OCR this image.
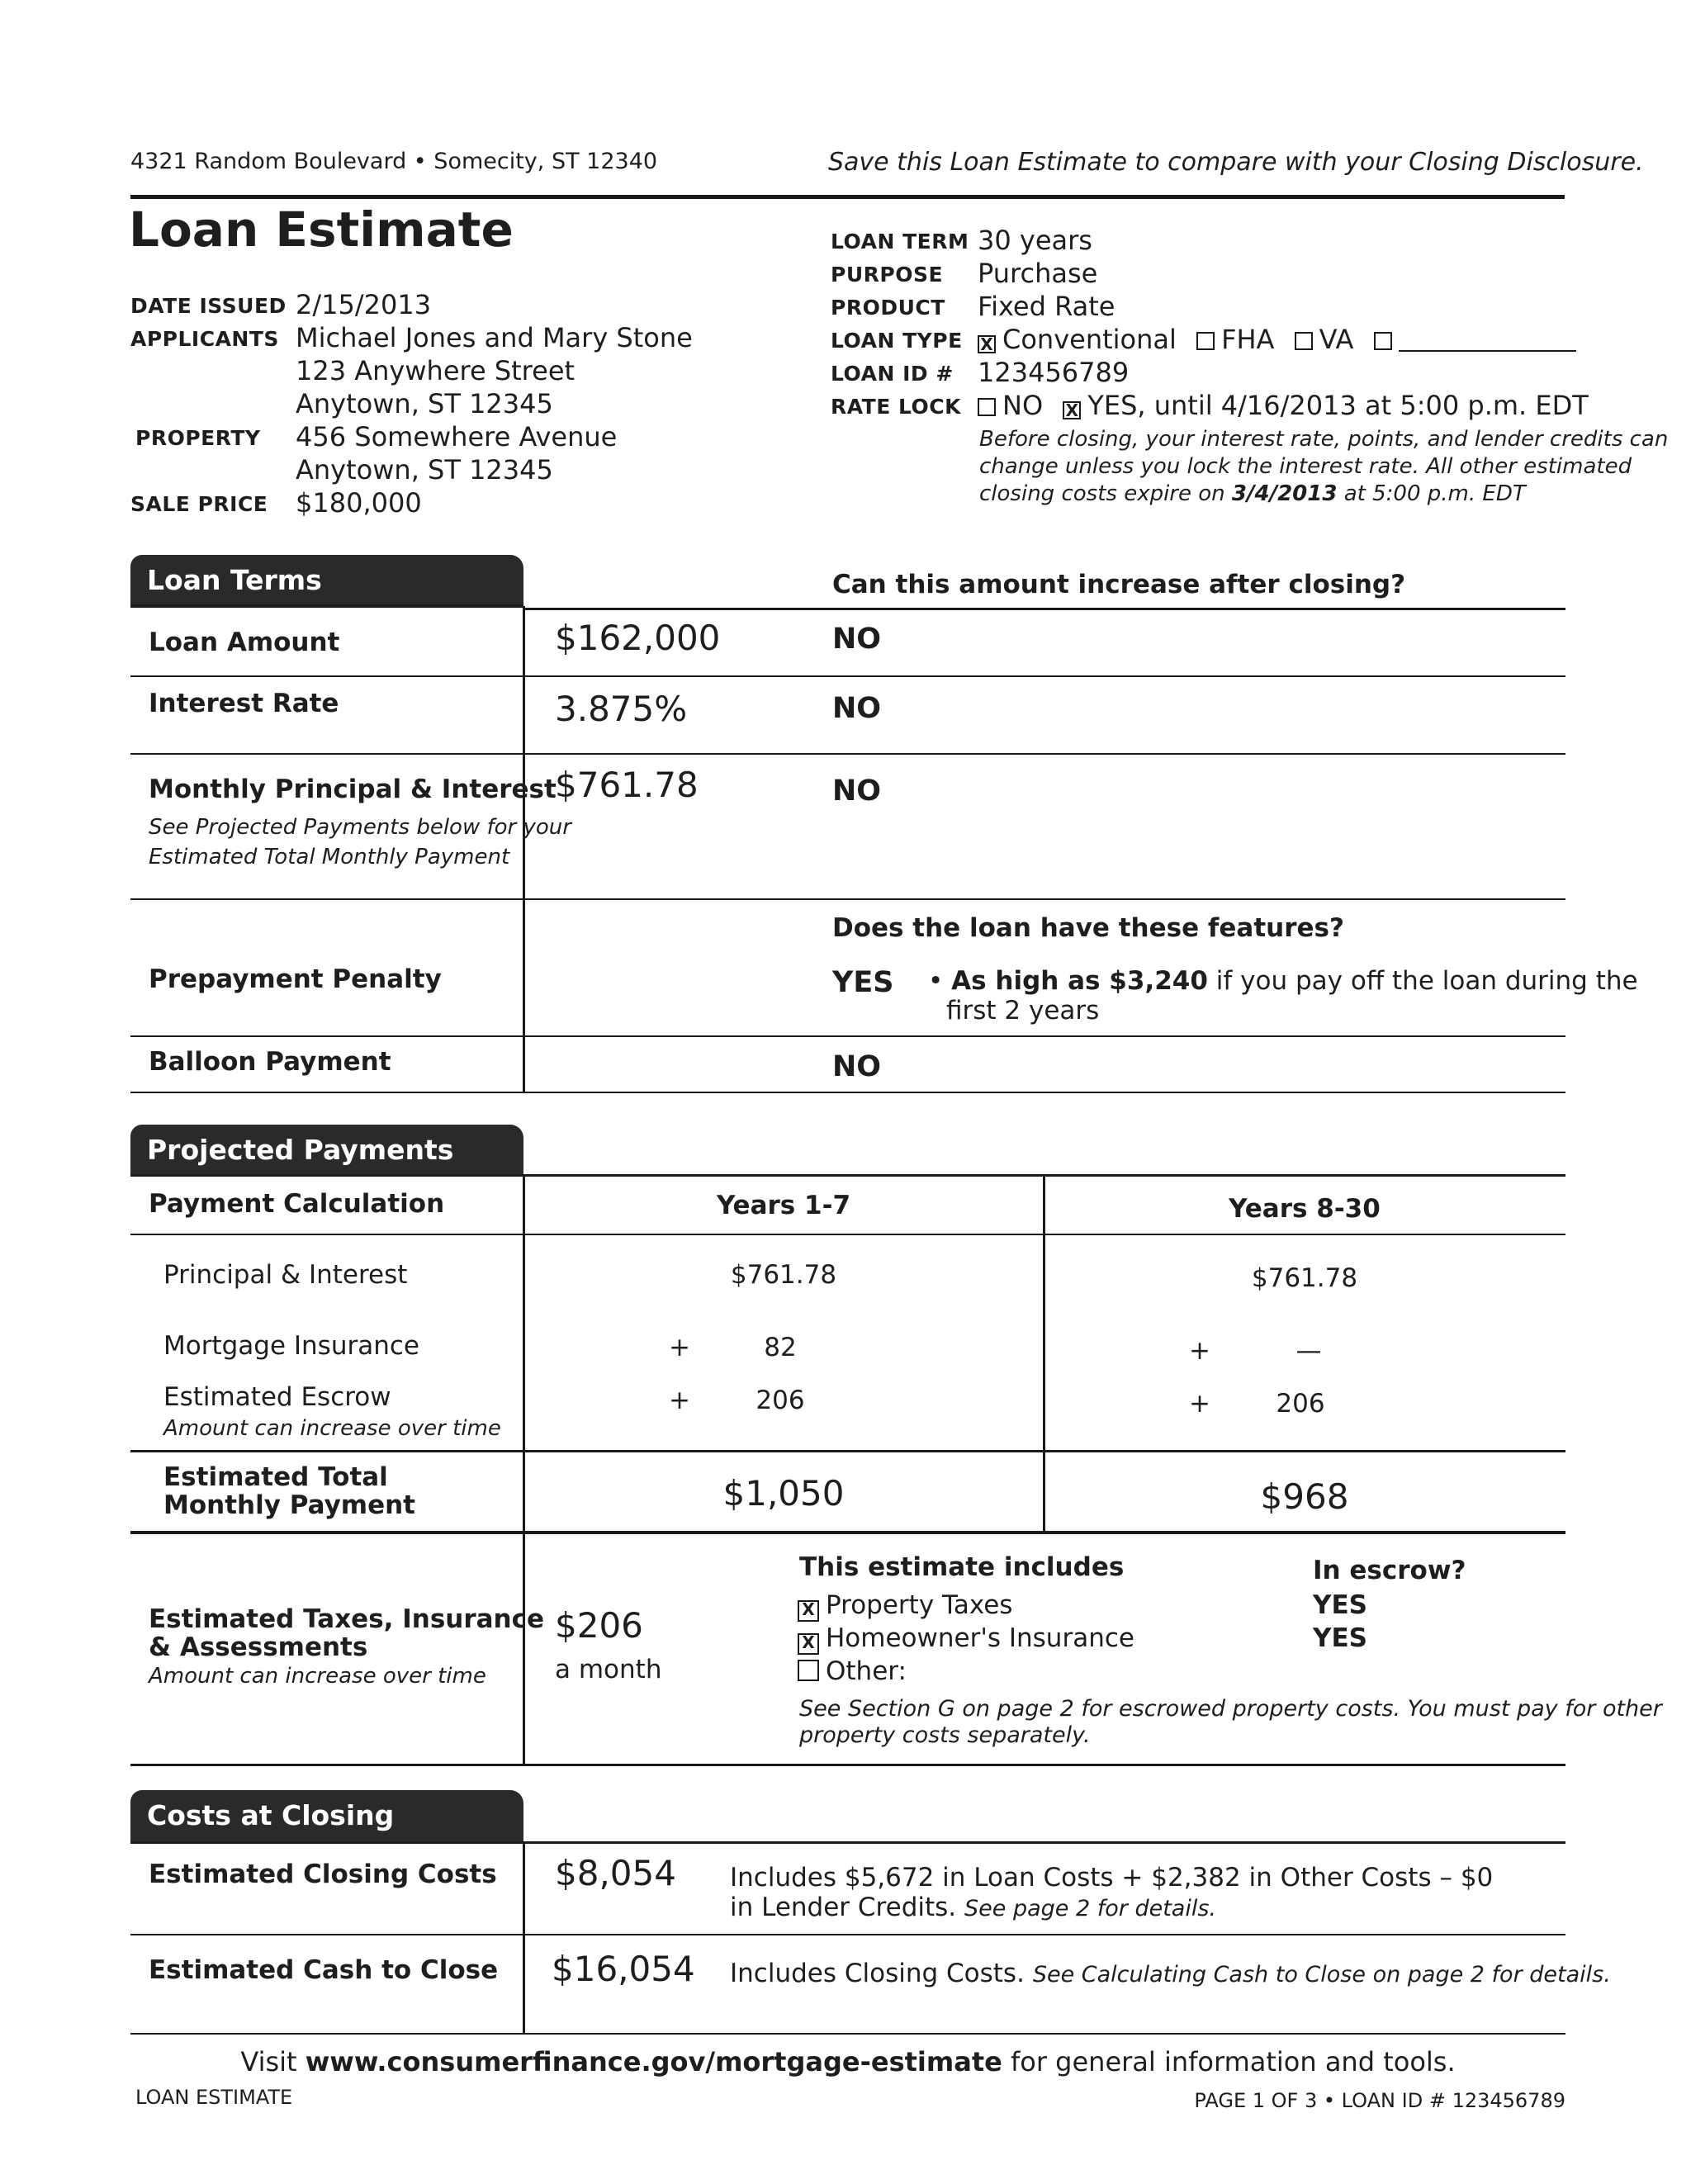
4321 Random Boulevard • Somecity, ST 12340	Save this Loan Estimate to compare with your Closing Disclosure.
Loan Estimate
DATE ISSUED 2/15/2013
APPLICANTS Michael Jones and Mary Stone
123 Anywhere Street
Anytown, ST 12345
PROPERTY 456 Somewhere Avenue
Anytown, ST 12345
SALE PRICE $180,000
LOAN TERM 30 years
PURPOSE Purchase
PRODUCT Fixed Rate
LOAN TYPE X Conventional FHA VA
LOAN ID # 123456789
RATE LOCK	NO X YES, until 4/16/2013 at 5:00 p.m. EDT
Before closing, your interest rate, points, and lender credits can
change unless you lock the interest rate. All other estimated
closing costs expire on 3/4/2013 at 5:00 p.m. EDT
Loan Terms	Can this amount increase after closing?
Loan Amount	$162,000	NO
Interest Rate	3.875%	NO
Monthly Principal & Interest
See Projected Payments below for your
Estimated Total Monthly Payment
$761.78	NO
Does the loan have these features?
Prepayment Penalty	YES • As high as $3,240 if you pay off the loan during the
first 2 years
Balloon Payment	NO
Projected Payments
Payment Calculation	Years 1-7	Years 8-30
Principal & Interest	$761.78	$761.78
Mortgage Insurance	+	82	+	—
Estimated Escrow
Amount can increase over time
+	206	+	206
Estimated Total
Monthly Payment	$1,050	$968
Estimated Taxes, Insurance
& Assessments
Amount can increase over time
$206
a month
This estimate includes	In escrow?
X Property Taxes	YES
X Homeowner's Insurance	YES
Other:
See Section G on page 2 for escrowed property costs. You must pay for other
property costs separately.
Costs at Closing
Estimated Closing Costs $8,054 Includes $5,672 in Loan Costs + $2,382 in Other Costs – $0
in Lender Credits. See page 2 for details.
Estimated Cash to Close $16,054 Includes Closing Costs. See Calculating Cash to Close on page 2 for details.
Visit www.consumerfinance.gov/mortgage-estimate for general information and tools.
LOAN ESTIMATE	PAGE 1 OF 3 • LOAN ID # 123456789
